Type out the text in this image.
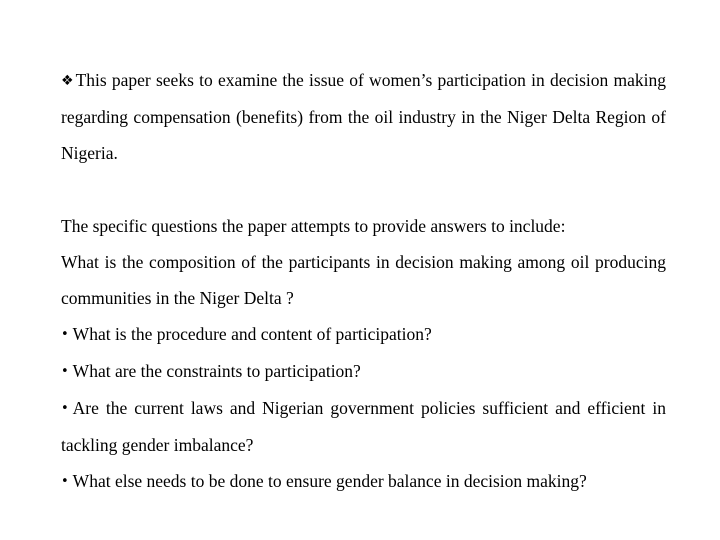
❖ This paper seeks to examine the issue of women’s participation in decision making regarding compensation (benefits) from the oil industry in the Niger Delta Region of Nigeria.

The specific questions the paper attempts to provide answers to include:

What is the composition of the participants in decision making among oil producing communities in the Niger Delta ?

• What is the procedure and content of participation?

• What are the constraints to participation?

• Are the current laws and Nigerian government policies sufficient and efficient in tackling gender imbalance?

• What else needs to be done to ensure gender balance in decision making?
